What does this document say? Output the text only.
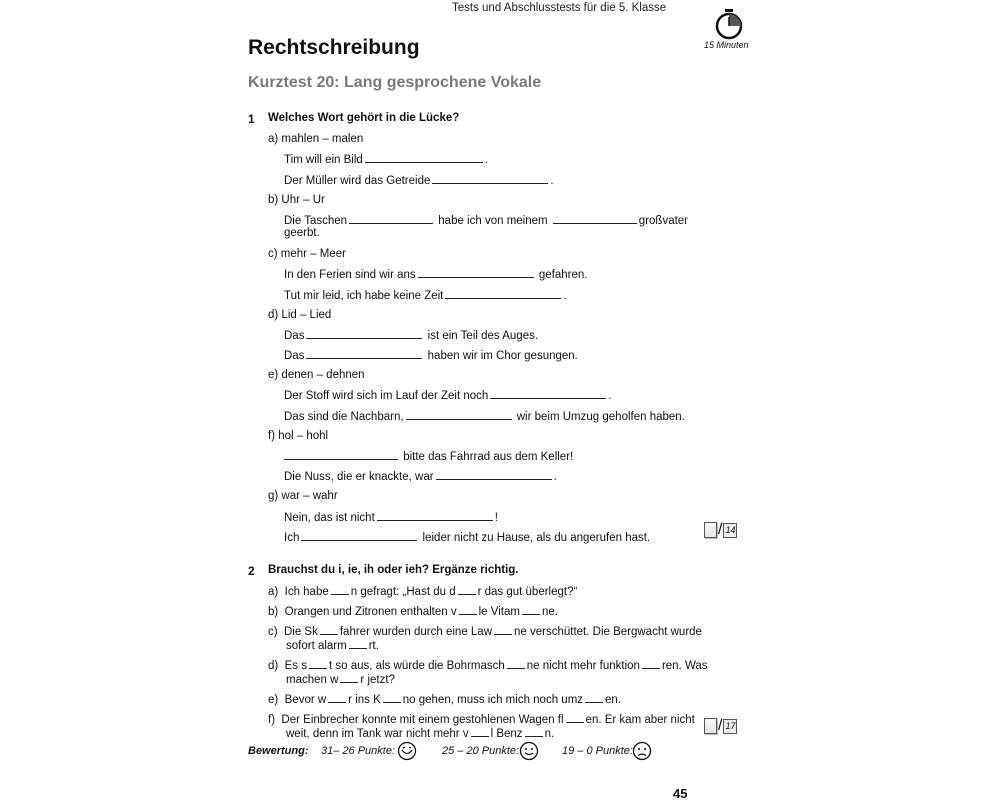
Tests und Abschlusstests für die 5. Klasse
15 Minuten
Rechtschreibung
Kurztest 20: Lang gesprochene Vokale
1 Welches Wort gehört in die Lücke?
a) mahlen – malen
Tim will ein Bild	.
Der Müller wird das Getreide	.
b) Uhr – Ur
Die Taschen	habe ich von meinem	großvater
geerbt.
c) mehr – Meer
In den Ferien sind wir ans	gefahren.
Tut mir leid, ich habe keine Zeit	.
d) Lid – Lied
Das	ist ein Teil des Auges.
Das	haben wir im Chor gesungen.
e) denen – dehnen
Der Stoff wird sich im Lauf der Zeit noch	.
Das sind die Nachbarn,	wir beim Umzug geholfen haben.
f) hol – hohl
bitte das Fahrrad aus dem Keller!
Die Nuss, die er knackte, war	.
g) war – wahr
Nein, das ist nicht	!
Ich	leider nicht zu Hause, als du angerufen hast.	/ 14
2 Brauchst du i, ie, ih oder ieh? Ergänze richtig.
a) Ich habe n gefragt: „Hast du d r das gut überlegt?“
b) Orangen und Zitronen enthalten v le Vitam ne.
c) Die Sk fahrer wurden durch eine Law ne verschüttet. Die Bergwacht wurde
sofort alarm rt.
d) Es s t so aus, als würde die Bohrmasch ne nicht mehr funktion ren. Was
machen w r jetzt?
e) Bevor w r ins K no gehen, muss ich mich noch umz en.
f) Der Einbrecher konnte mit einem gestohlenen Wagen fl en. Er kam aber nicht
weit, denn im Tank war nicht mehr v l Benz n.	/ 17
Bewertung: 31– 26 Punkte:	25 – 20 Punkte:	19 – 0 Punkte:
45
